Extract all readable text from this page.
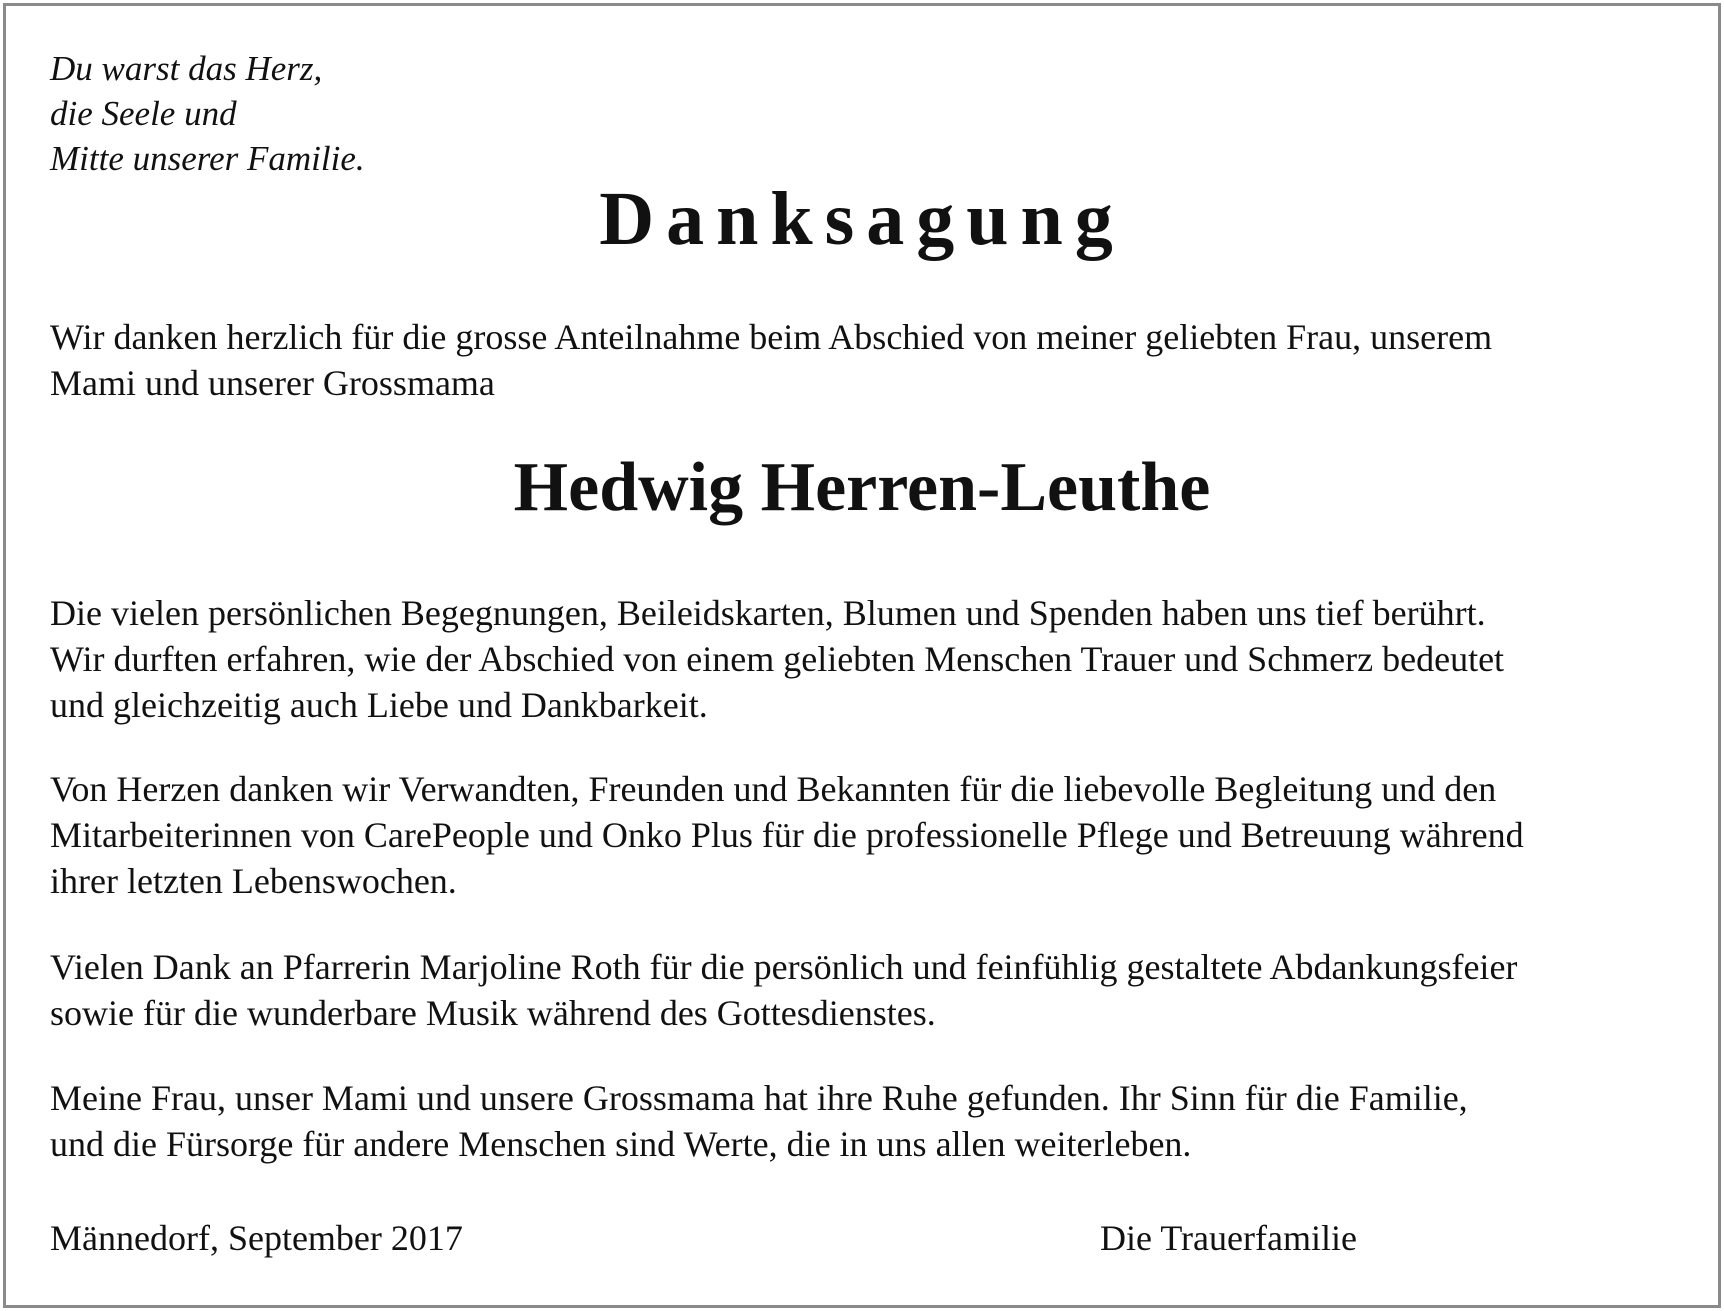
Du warst das Herz,
die Seele und
Mitte unserer Familie.
Danksagung
Wir danken herzlich für die grosse Anteilnahme beim Abschied von meiner geliebten Frau, unserem
Mami und unserer Grossmama
Hedwig Herren-Leuthe
Die vielen persönlichen Begegnungen, Beileidskarten, Blumen und Spenden haben uns tief berührt.
Wir durften erfahren, wie der Abschied von einem geliebten Menschen Trauer und Schmerz bedeutet
und gleichzeitig auch Liebe und Dankbarkeit.
Von Herzen danken wir Verwandten, Freunden und Bekannten für die liebevolle Begleitung und den
Mitarbeiterinnen von CarePeople und Onko Plus für die professionelle Pflege und Betreuung während
ihrer letzten Lebenswochen.
Vielen Dank an Pfarrerin Marjoline Roth für die persönlich und feinfühlig gestaltete Abdankungsfeier
sowie für die wunderbare Musik während des Gottesdienstes.
Meine Frau, unser Mami und unsere Grossmama hat ihre Ruhe gefunden. Ihr Sinn für die Familie,
und die Fürsorge für andere Menschen sind Werte, die in uns allen weiterleben.
Männedorf, September 2017	Die Trauerfamilie
